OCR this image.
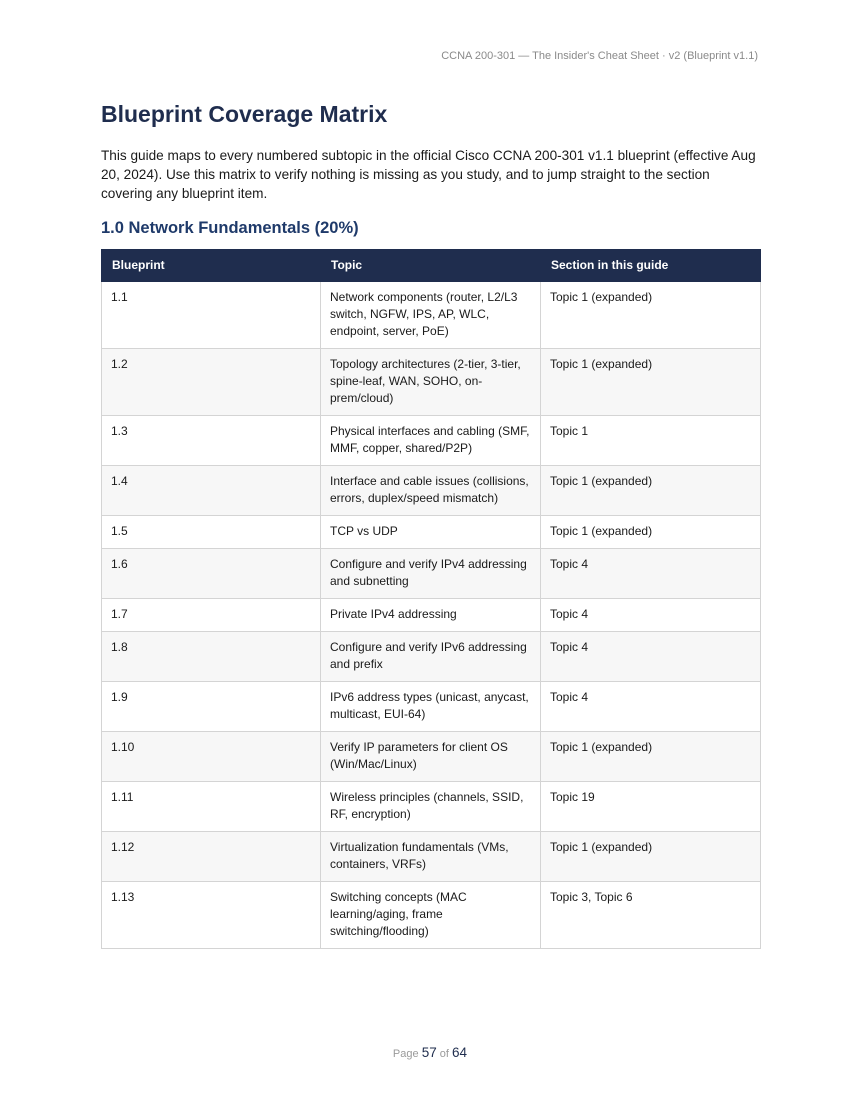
CCNA 200-301 — The Insider's Cheat Sheet · v2 (Blueprint v1.1)
Blueprint Coverage Matrix

This guide maps to every numbered subtopic in the official Cisco CCNA 200-301 v1.1 blueprint (effective Aug 20, 2024). Use this matrix to verify nothing is missing as you study, and to jump straight to the section covering any blueprint item.

1.0 Network Fundamentals (20%)
Blueprint	Topic	Section in this guide
1.1	Network components (router, L2/L3 switch, NGFW, IPS, AP, WLC, endpoint, server, PoE)	Topic 1 (expanded)
1.2	Topology architectures (2-tier, 3-tier, spine-leaf, WAN, SOHO, on-prem/cloud)	Topic 1 (expanded)
1.3	Physical interfaces and cabling (SMF, MMF, copper, shared/P2P)	Topic 1
1.4	Interface and cable issues (collisions, errors, duplex/speed mismatch)	Topic 1 (expanded)
1.5	TCP vs UDP	Topic 1 (expanded)
1.6	Configure and verify IPv4 addressing and subnetting	Topic 4
1.7	Private IPv4 addressing	Topic 4
1.8	Configure and verify IPv6 addressing and prefix	Topic 4
1.9	IPv6 address types (unicast, anycast, multicast, EUI-64)	Topic 4
1.10	Verify IP parameters for client OS (Win/Mac/Linux)	Topic 1 (expanded)
1.11	Wireless principles (channels, SSID, RF, encryption)	Topic 19
1.12	Virtualization fundamentals (VMs, containers, VRFs)	Topic 1 (expanded)
1.13	Switching concepts (MAC learning/aging, frame switching/flooding)	Topic 3, Topic 6
Page 57 of 64
